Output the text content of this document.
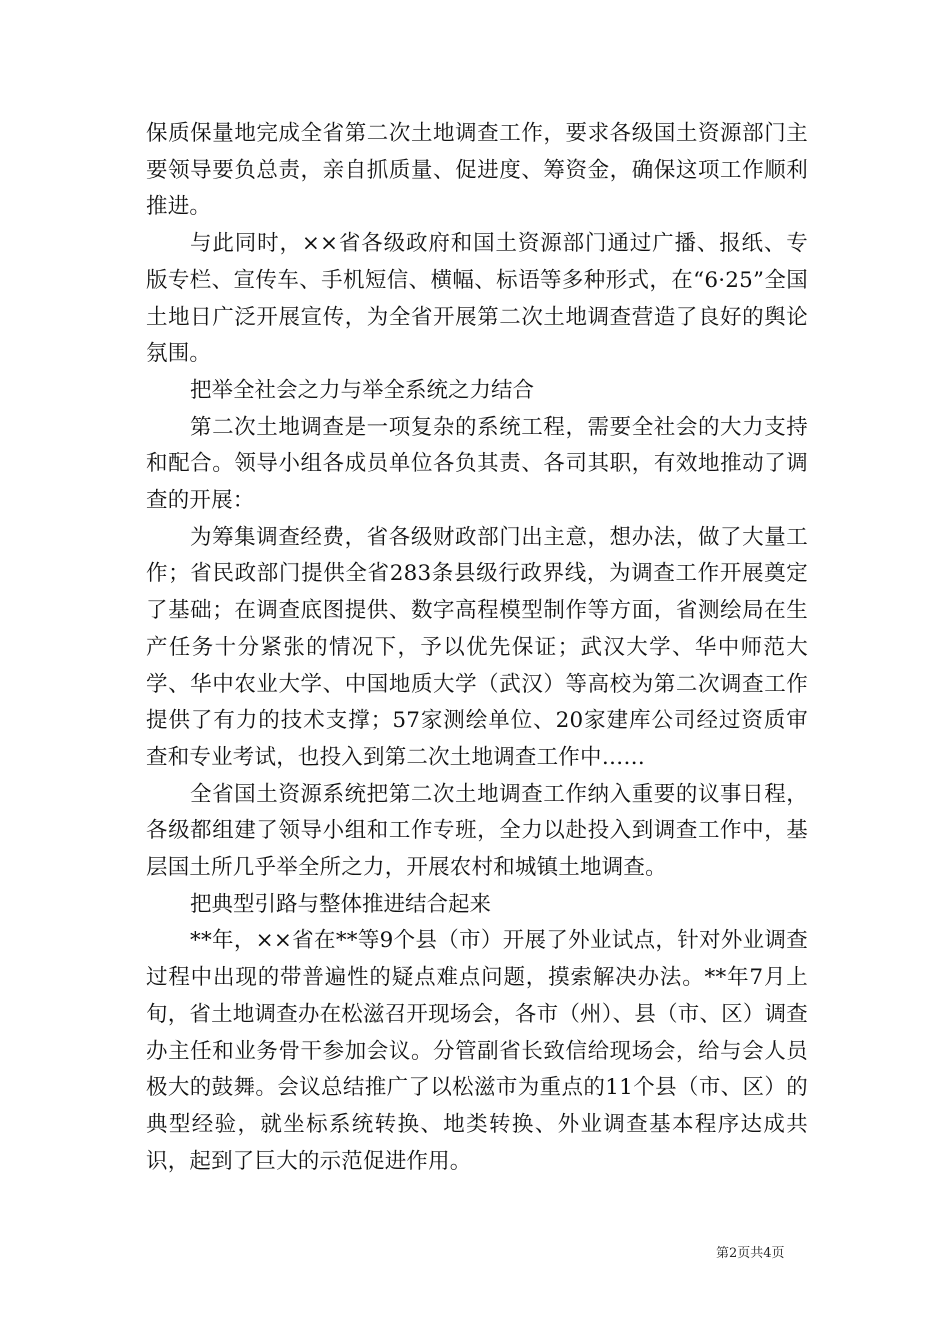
保质保量地完成全省第二次土地调查工作，要求各级国土资源部门主要领导要负总责，亲自抓质量、促进度、筹资金，确保这项工作顺利推进。

与此同时，××省各级政府和国土资源部门通过广播、报纸、专版专栏、宣传车、手机短信、横幅、标语等多种形式，在“6·25”全国土地日广泛开展宣传，为全省开展第二次土地调查营造了良好的舆论氛围。

把举全社会之力与举全系统之力结合

第二次土地调查是一项复杂的系统工程，需要全社会的大力支持和配合。领导小组各成员单位各负其责、各司其职，有效地推动了调查的开展：

为筹集调查经费，省各级财政部门出主意，想办法，做了大量工作；省民政部门提供全省283条县级行政界线，为调查工作开展奠定了基础；在调查底图提供、数字高程模型制作等方面，省测绘局在生产任务十分紧张的情况下，予以优先保证；武汉大学、华中师范大学、华中农业大学、中国地质大学（武汉）等高校为第二次调查工作提供了有力的技术支撑；57家测绘单位、20家建库公司经过资质审查和专业考试，也投入到第二次土地调查工作中……

全省国土资源系统把第二次土地调查工作纳入重要的议事日程，各级都组建了领导小组和工作专班，全力以赴投入到调查工作中，基层国土所几乎举全所之力，开展农村和城镇土地调查。

把典型引路与整体推进结合起来

**年，××省在**等9个县（市）开展了外业试点，针对外业调查过程中出现的带普遍性的疑点难点问题，摸索解决办法。**年7月上旬，省土地调查办在松滋召开现场会，各市（州）、县（市、区）调查办主任和业务骨干参加会议。分管副省长致信给现场会，给与会人员极大的鼓舞。会议总结推广了以松滋市为重点的11个县（市、区）的典型经验，就坐标系统转换、地类转换、外业调查基本程序达成共识，起到了巨大的示范促进作用。

第2页共4页
